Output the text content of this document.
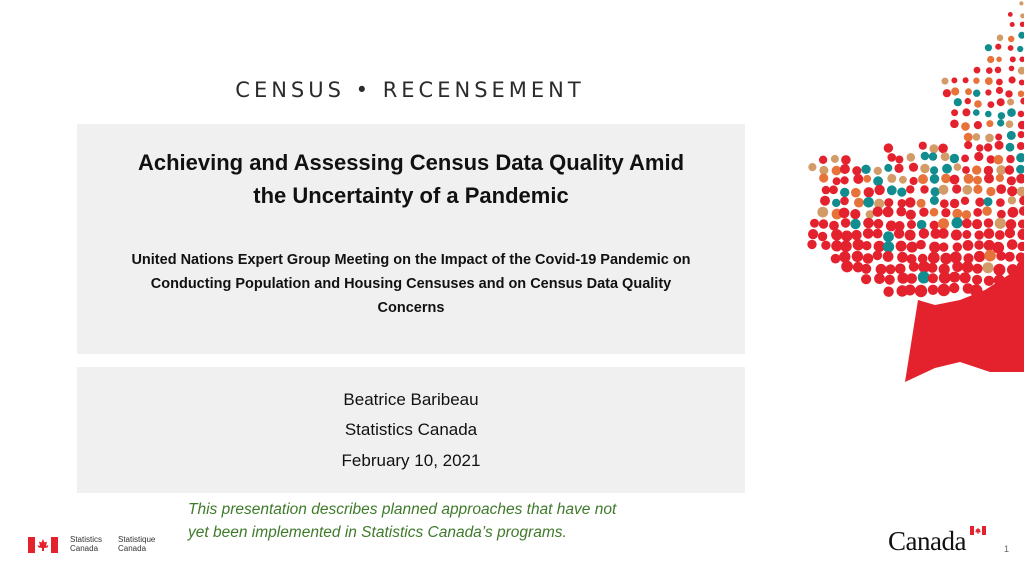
CENSUS • RECENSEMENT
Achieving and Assessing Census Data Quality Amid
the Uncertainty of a Pandemic
United Nations Expert Group Meeting on the Impact of the Covid-19 Pandemic on
Conducting Population and Housing Censuses and on Census Data Quality
Concerns
Beatrice Baribeau
Statistics Canada
February 10, 2021
This presentation describes planned approaches that have not
yet been implemented in Statistics Canada’s programs.
Statistics
Canada
Statistique
Canada	Canada	1
